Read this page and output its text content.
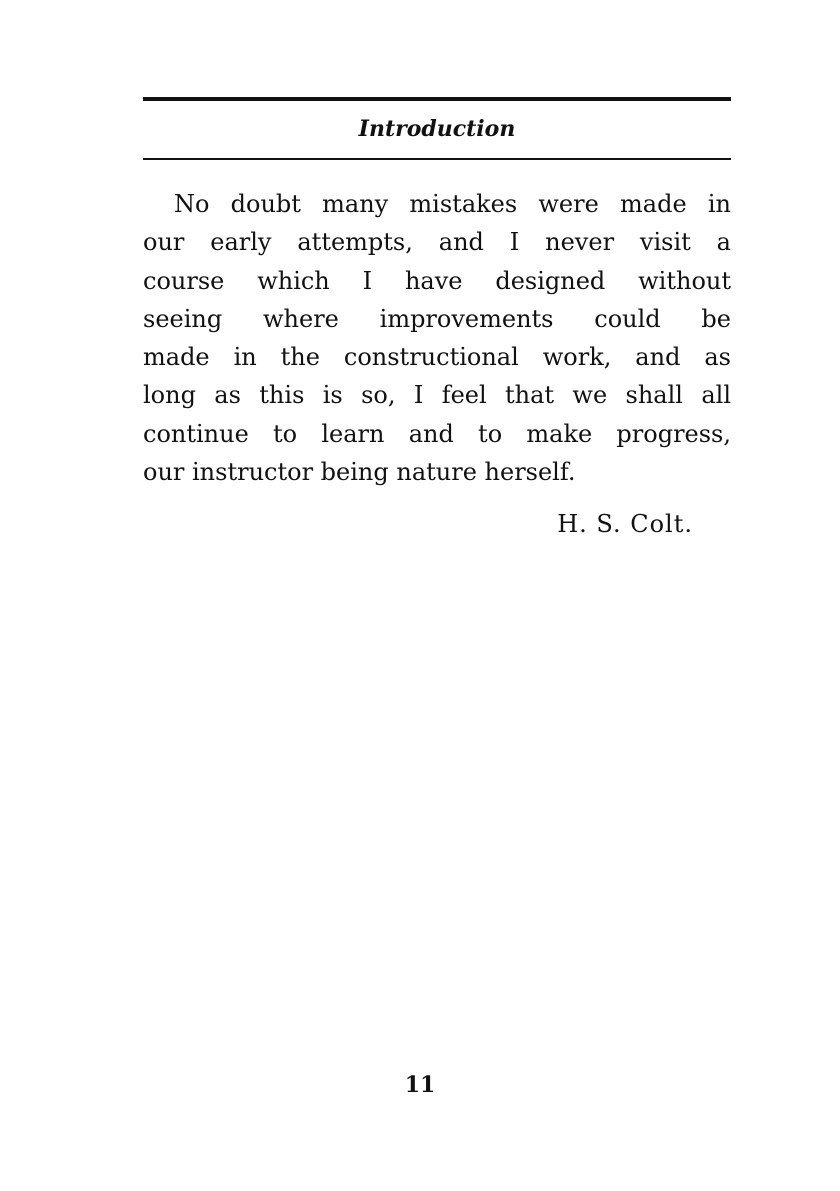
Introduction
No doubt many mistakes were made in
our early attempts, and I never visit a
course which I have designed without
seeing where improvements could be
made in the constructional work, and as
long as this is so, I feel that we shall all
continue to learn and to make progress,
our instructor being nature herself.
H. S. Colt.
11
